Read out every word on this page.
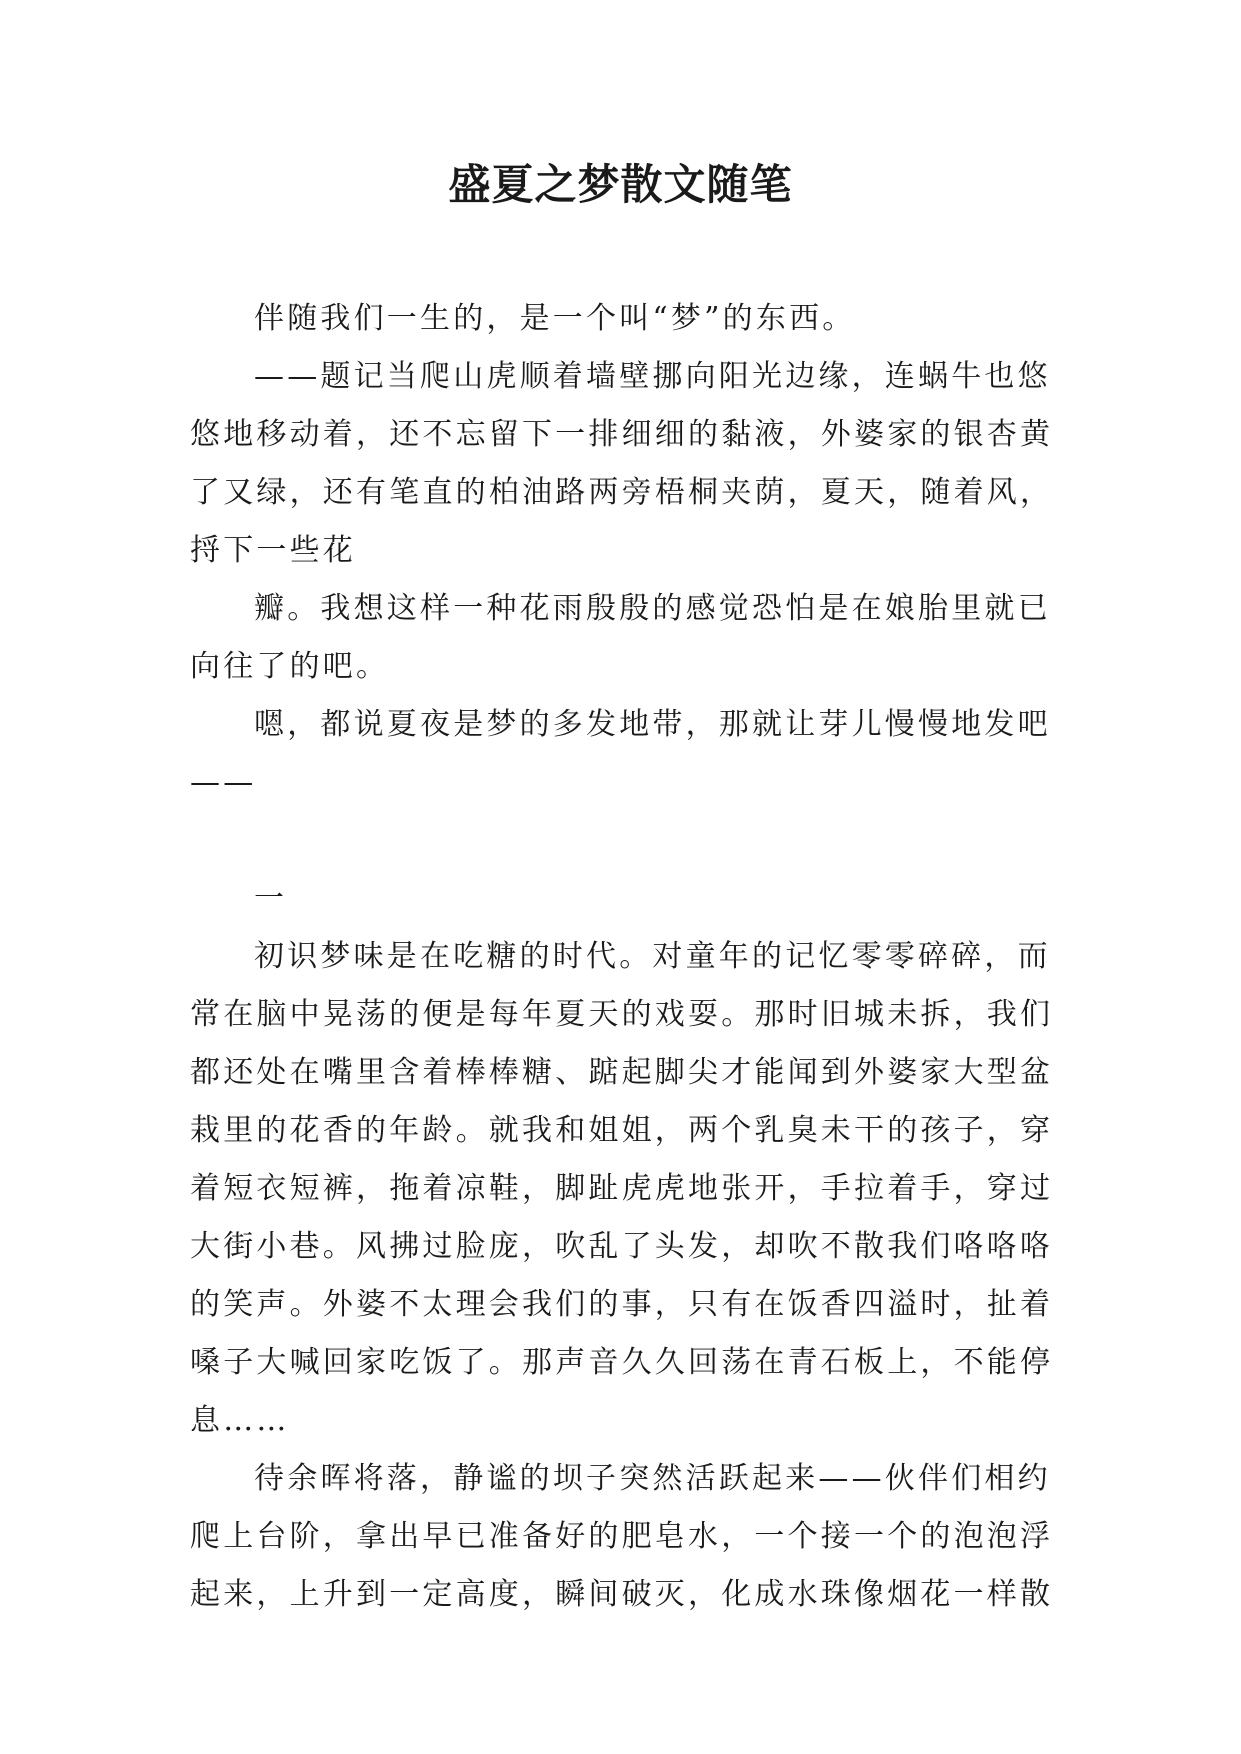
盛夏之梦散文随笔
伴随我们一生的，是一个叫“梦”的东西。
——题记当爬山虎顺着墙壁挪向阳光边缘，连蜗牛也悠
悠地移动着，还不忘留下一排细细的黏液，外婆家的银杏黄
了又绿，还有笔直的柏油路两旁梧桐夹荫，夏天，随着风，
捋下一些花
瓣。我想这样一种花雨殷殷的感觉恐怕是在娘胎里就已
向往了的吧。
嗯，都说夏夜是梦的多发地带，那就让芽儿慢慢地发吧
——
一
初识梦味是在吃糖的时代。对童年的记忆零零碎碎，而
常在脑中晃荡的便是每年夏天的戏耍。那时旧城未拆，我们
都还处在嘴里含着棒棒糖、踮起脚尖才能闻到外婆家大型盆
栽里的花香的年龄。就我和姐姐，两个乳臭未干的孩子，穿
着短衣短裤，拖着凉鞋，脚趾虎虎地张开，手拉着手，穿过
大街小巷。风拂过脸庞，吹乱了头发，却吹不散我们咯咯咯
的笑声。外婆不太理会我们的事，只有在饭香四溢时，扯着
嗓子大喊回家吃饭了。那声音久久回荡在青石板上，不能停
息……
待余晖将落，静谧的坝子突然活跃起来——伙伴们相约
爬上台阶，拿出早已准备好的肥皂水，一个接一个的泡泡浮
起来，上升到一定高度，瞬间破灭，化成水珠像烟花一样散
